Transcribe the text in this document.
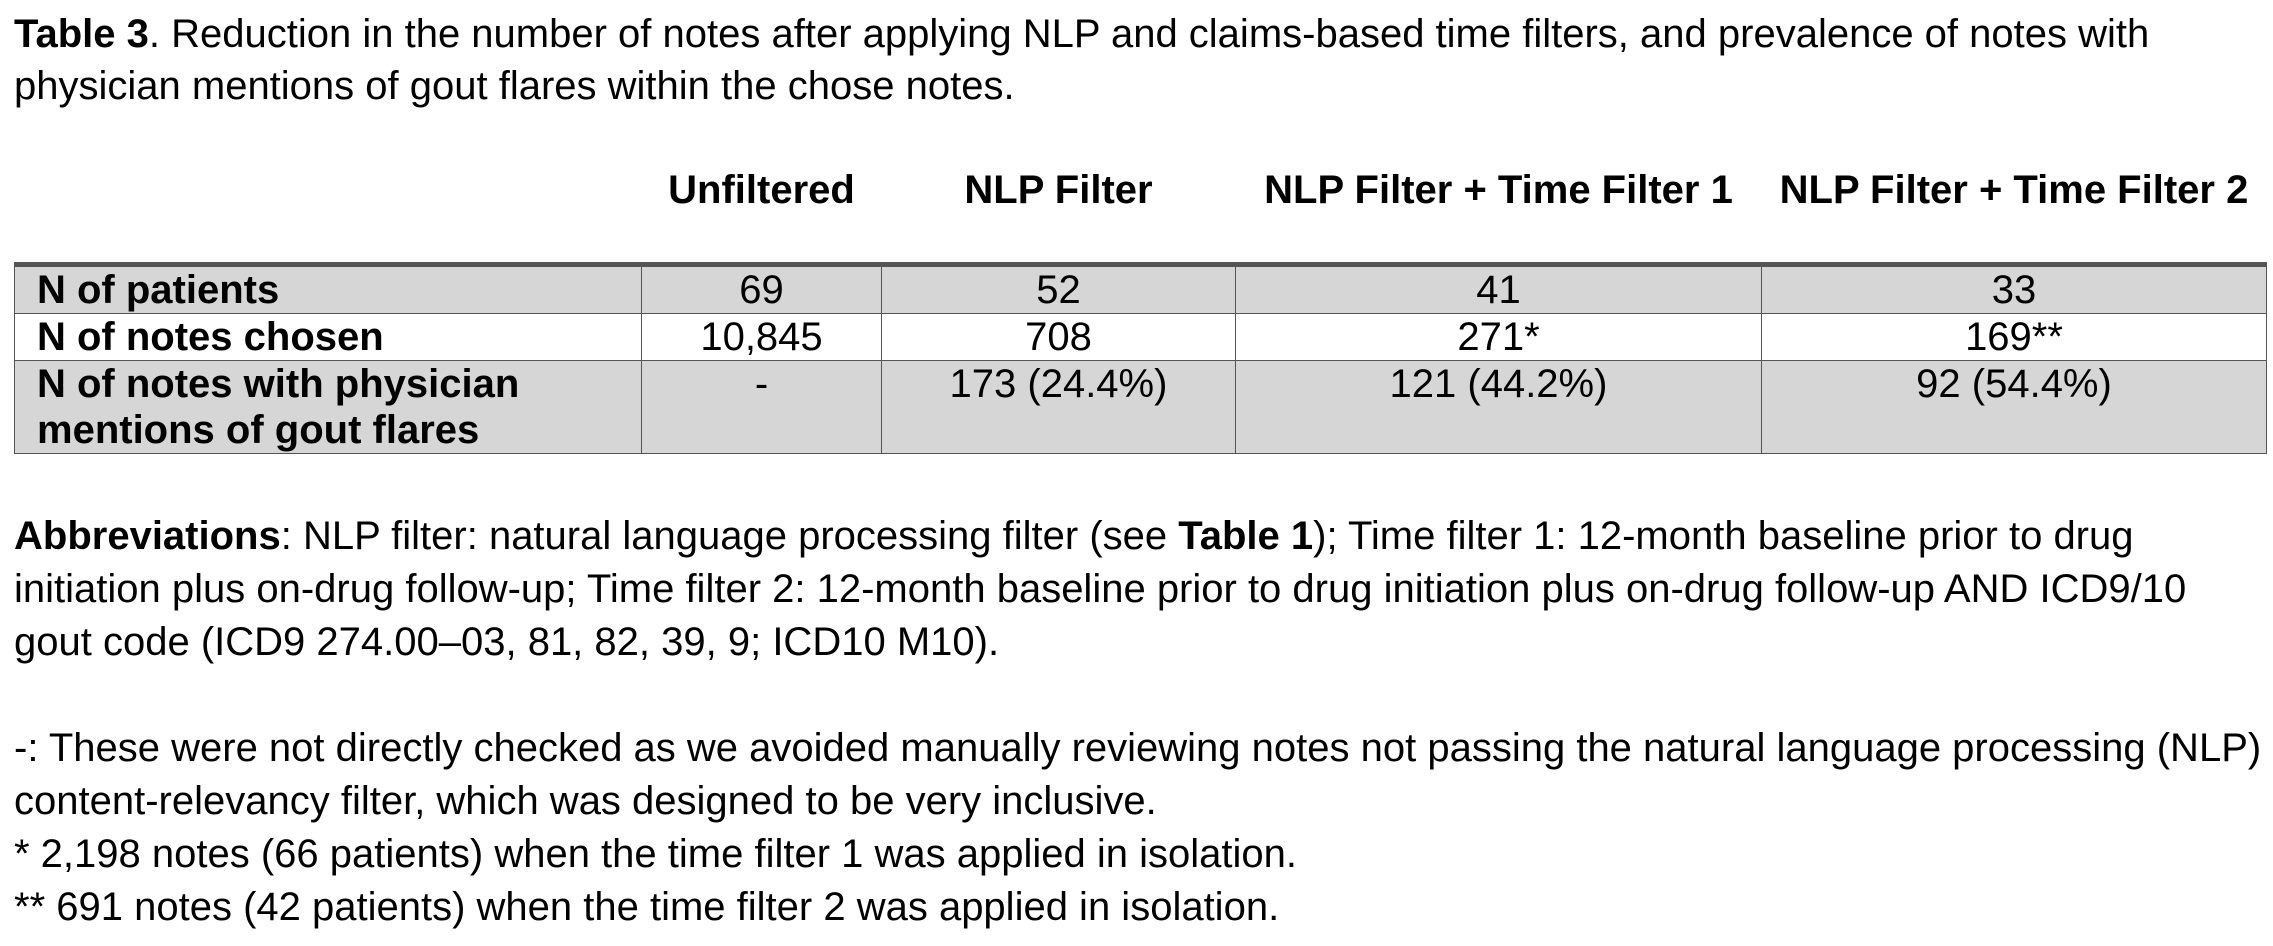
Table 3. Reduction in the number of notes after applying NLP and claims-based time filters, and prevalence of notes with physician mentions of gout flares within the chose notes.

	Unfiltered	NLP Filter	NLP Filter + Time Filter 1	NLP Filter + Time Filter 2
N of patients	69	52	41	33
N of notes chosen	10,845	708	271*	169**
N of notes with physician mentions of gout flares	-	173 (24.4%)	121 (44.2%)	92 (54.4%)

Abbreviations: NLP filter: natural language processing filter (see Table 1); Time filter 1: 12-month baseline prior to drug initiation plus on-drug follow-up; Time filter 2: 12-month baseline prior to drug initiation plus on-drug follow-up AND ICD9/10 gout code (ICD9 274.00–03, 81, 82, 39, 9; ICD10 M10).

-: These were not directly checked as we avoided manually reviewing notes not passing the natural language processing (NLP) content-relevancy filter, which was designed to be very inclusive.

* 2,198 notes (66 patients) when the time filter 1 was applied in isolation.

** 691 notes (42 patients) when the time filter 2 was applied in isolation.
